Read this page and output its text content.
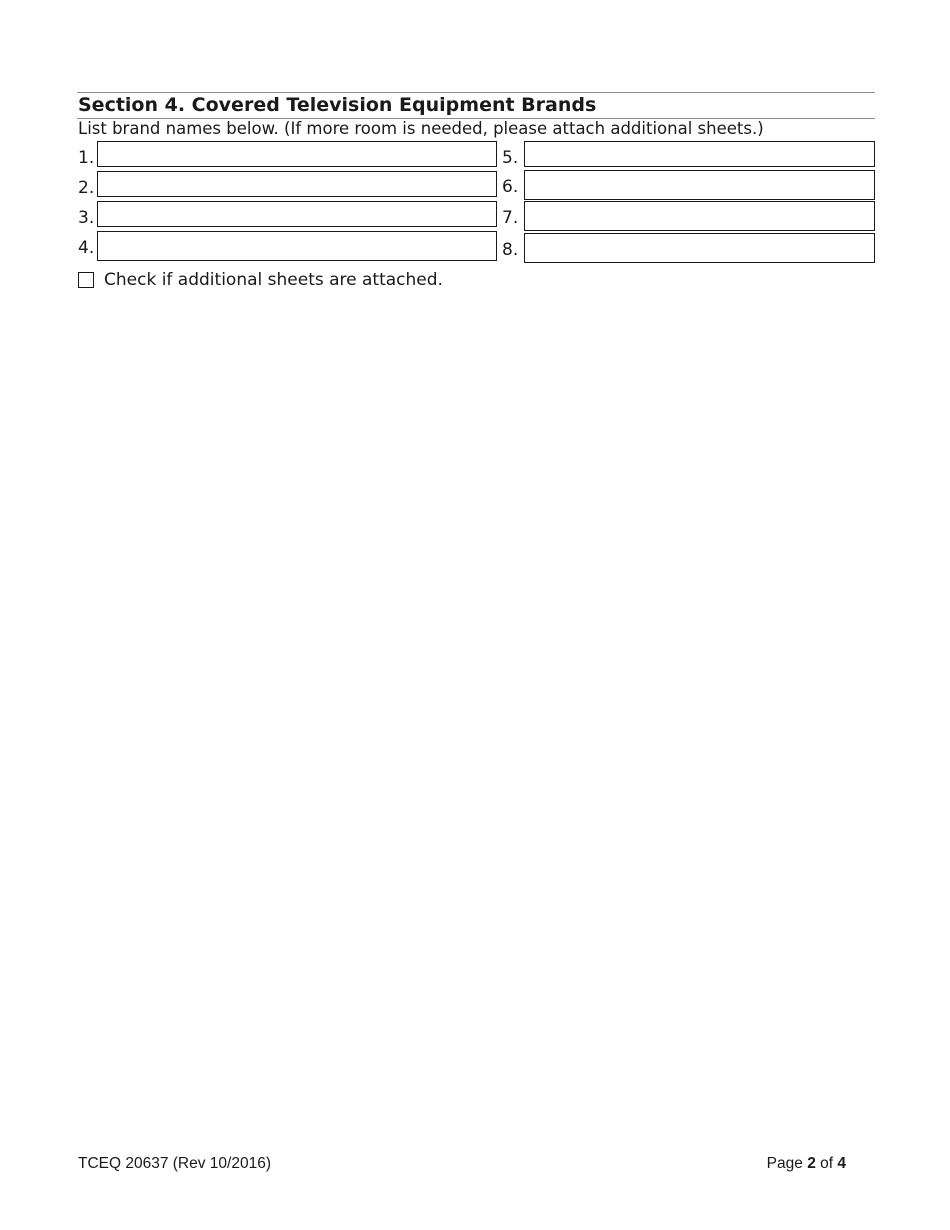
Section 4. Covered Television Equipment Brands
List brand names below. (If more room is needed, please attach additional sheets.)
1.
2.
3.
4.
5.
6.
7.
8.
Check if additional sheets are attached.
TCEQ 20637 (Rev 10/2016)	Page 2 of 4
